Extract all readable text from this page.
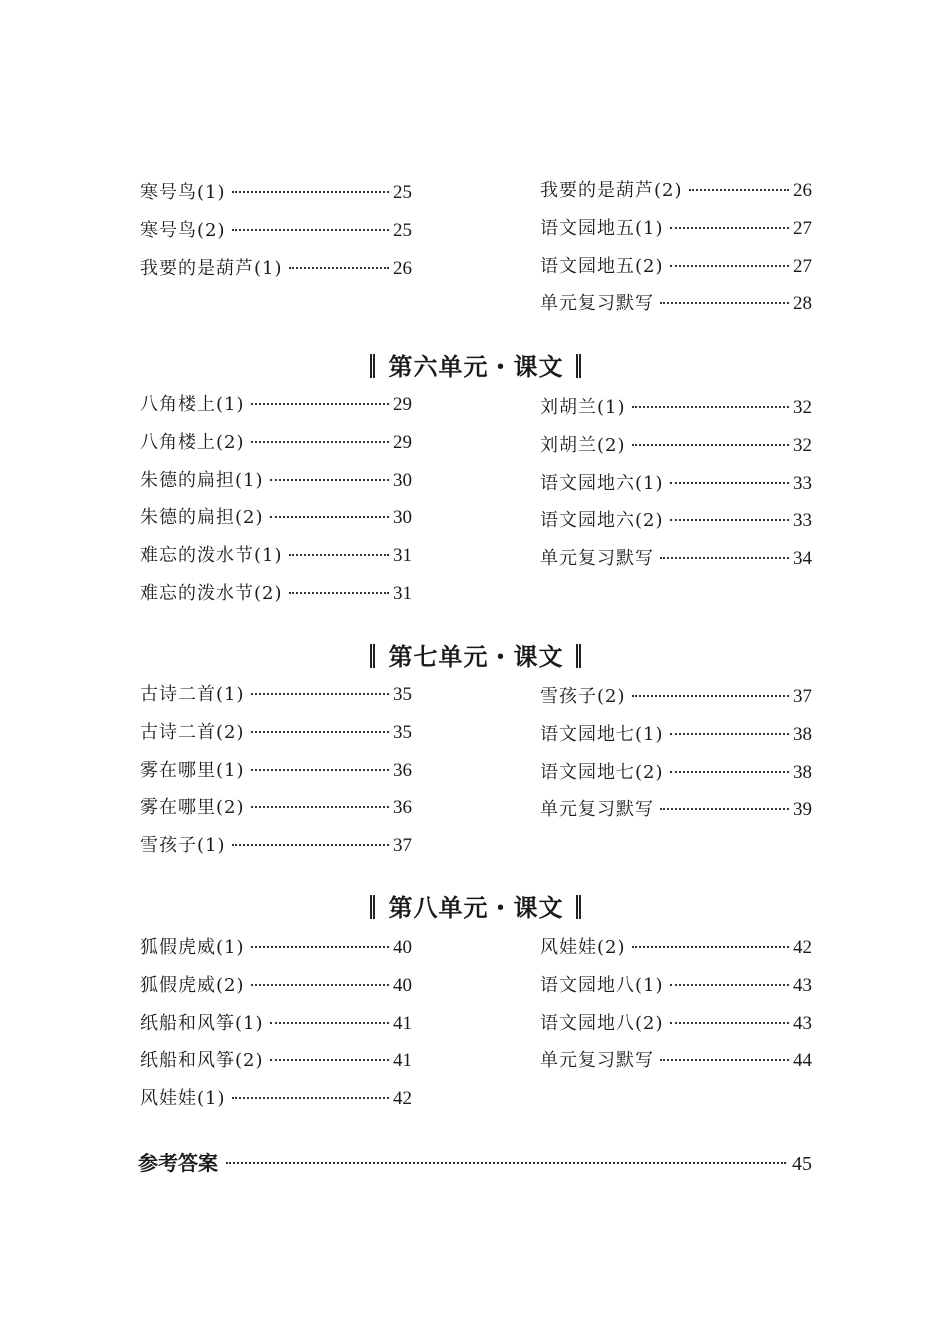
寒号鸟(1)	25
寒号鸟(2)	25
我要的是葫芦(1)	26
我要的是葫芦(2)	26
语文园地五(1)	27
语文园地五(2)	27
单元复习默写	28
第六单元・课文
八角楼上(1)	29
八角楼上(2)	29
朱德的扁担(1)	30
朱德的扁担(2)	30
难忘的泼水节(1)	31
难忘的泼水节(2)	31
刘胡兰(1)	32
刘胡兰(2)	32
语文园地六(1)	33
语文园地六(2)	33
单元复习默写	34
第七单元・课文
古诗二首(1)	35
古诗二首(2)	35
雾在哪里(1)	36
雾在哪里(2)	36
雪孩子(1)	37
雪孩子(2)	37
语文园地七(1)	38
语文园地七(2)	38
单元复习默写	39
第八单元・课文
狐假虎威(1)	40
狐假虎威(2)	40
纸船和风筝(1)	41
纸船和风筝(2)	41
风娃娃(1)	42
风娃娃(2)	42
语文园地八(1)	43
语文园地八(2)	43
单元复习默写	44
参考答案	45
